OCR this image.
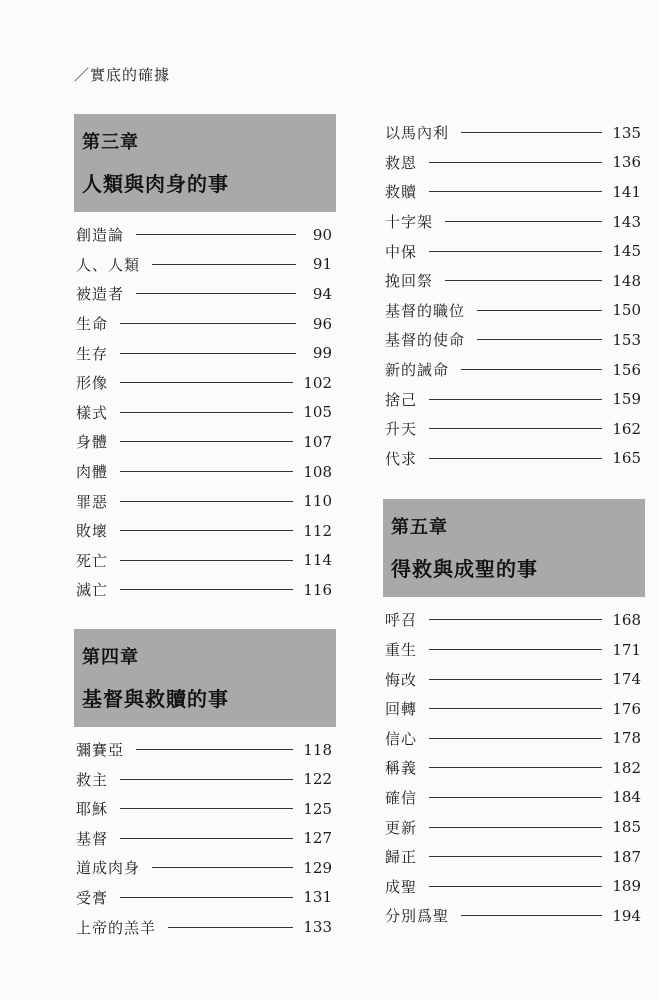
／實底的確據
第三章
人類與肉身的事
創造論	90
人、人類	91
被造者	94
生命	96
生存	99
形像	102
樣式	105
身體	107
肉體	108
罪惡	110
敗壞	112
死亡	114
滅亡	116
第四章
基督與救贖的事
彌賽亞	118
救主	122
耶穌	125
基督	127
道成肉身	129
受膏	131
上帝的羔羊	133
以馬內利	135
救恩	136
救贖	141
十字架	143
中保	145
挽回祭	148
基督的職位	150
基督的使命	153
新的誡命	156
捨己	159
升天	162
代求	165
第五章
得救與成聖的事
呼召	168
重生	171
悔改	174
回轉	176
信心	178
稱義	182
確信	184
更新	185
歸正	187
成聖	189
分別爲聖	194
